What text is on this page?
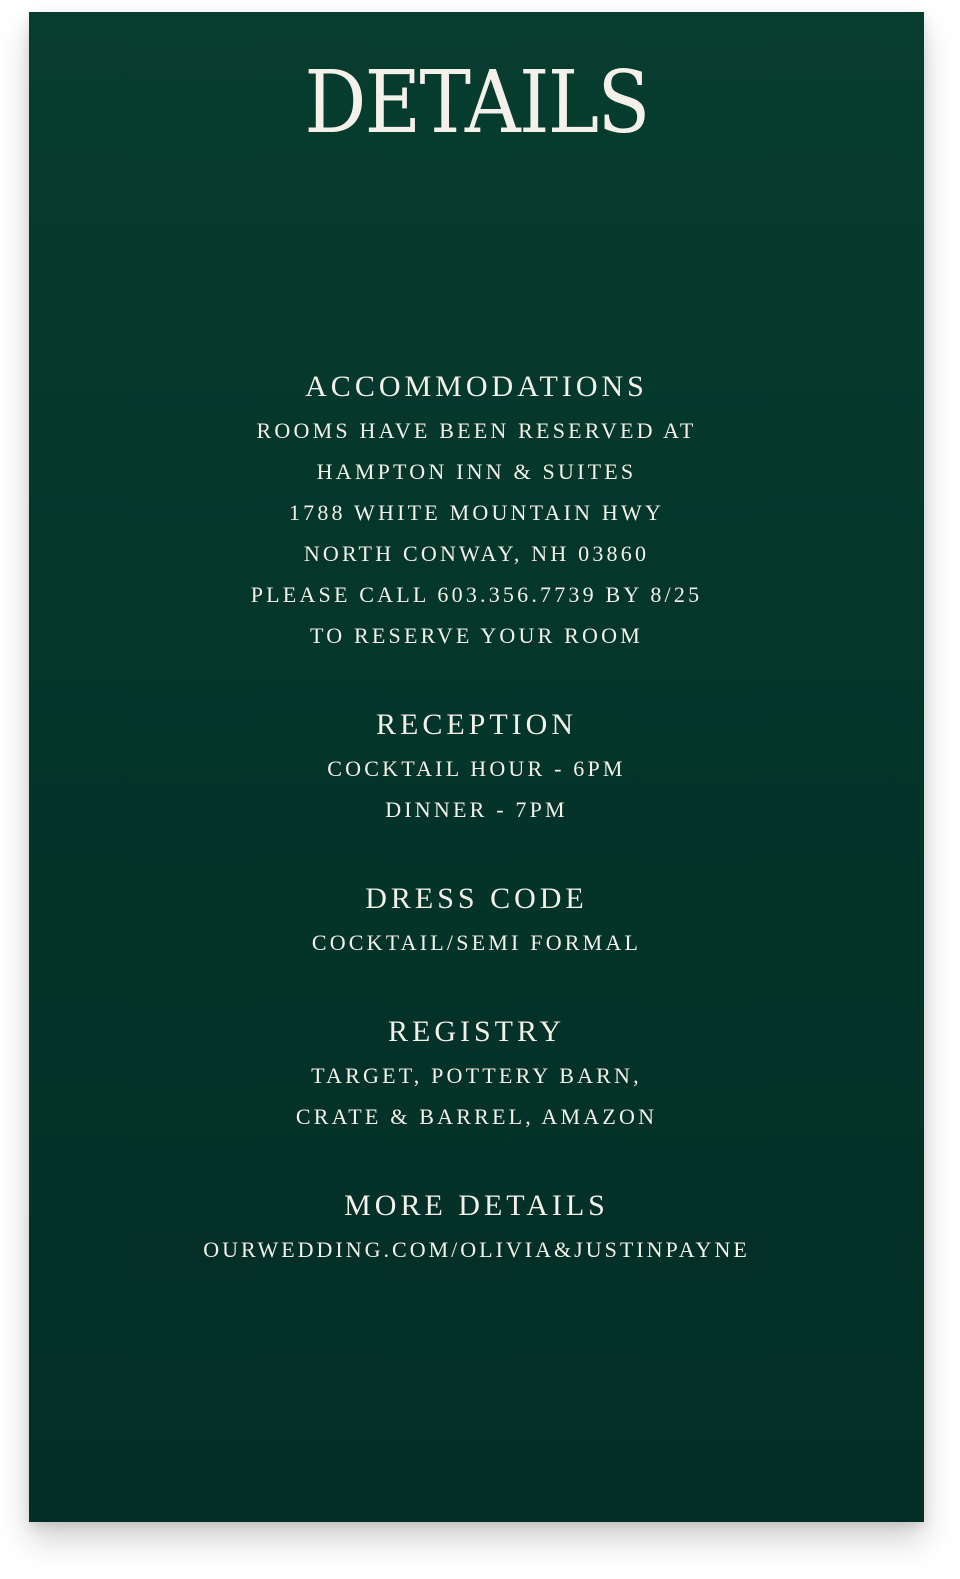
DETAILS
ACCOMMODATIONS
ROOMS HAVE BEEN RESERVED AT
HAMPTON INN & SUITES
1788 WHITE MOUNTAIN HWY
NORTH CONWAY, NH 03860
PLEASE CALL 603.356.7739 BY 8/25
TO RESERVE YOUR ROOM
RECEPTION
COCKTAIL HOUR - 6PM
DINNER - 7PM
DRESS CODE
COCKTAIL/SEMI FORMAL
REGISTRY
TARGET, POTTERY BARN,
CRATE & BARREL, AMAZON
MORE DETAILS
OURWEDDING.COM/OLIVIA&JUSTINPAYNE
